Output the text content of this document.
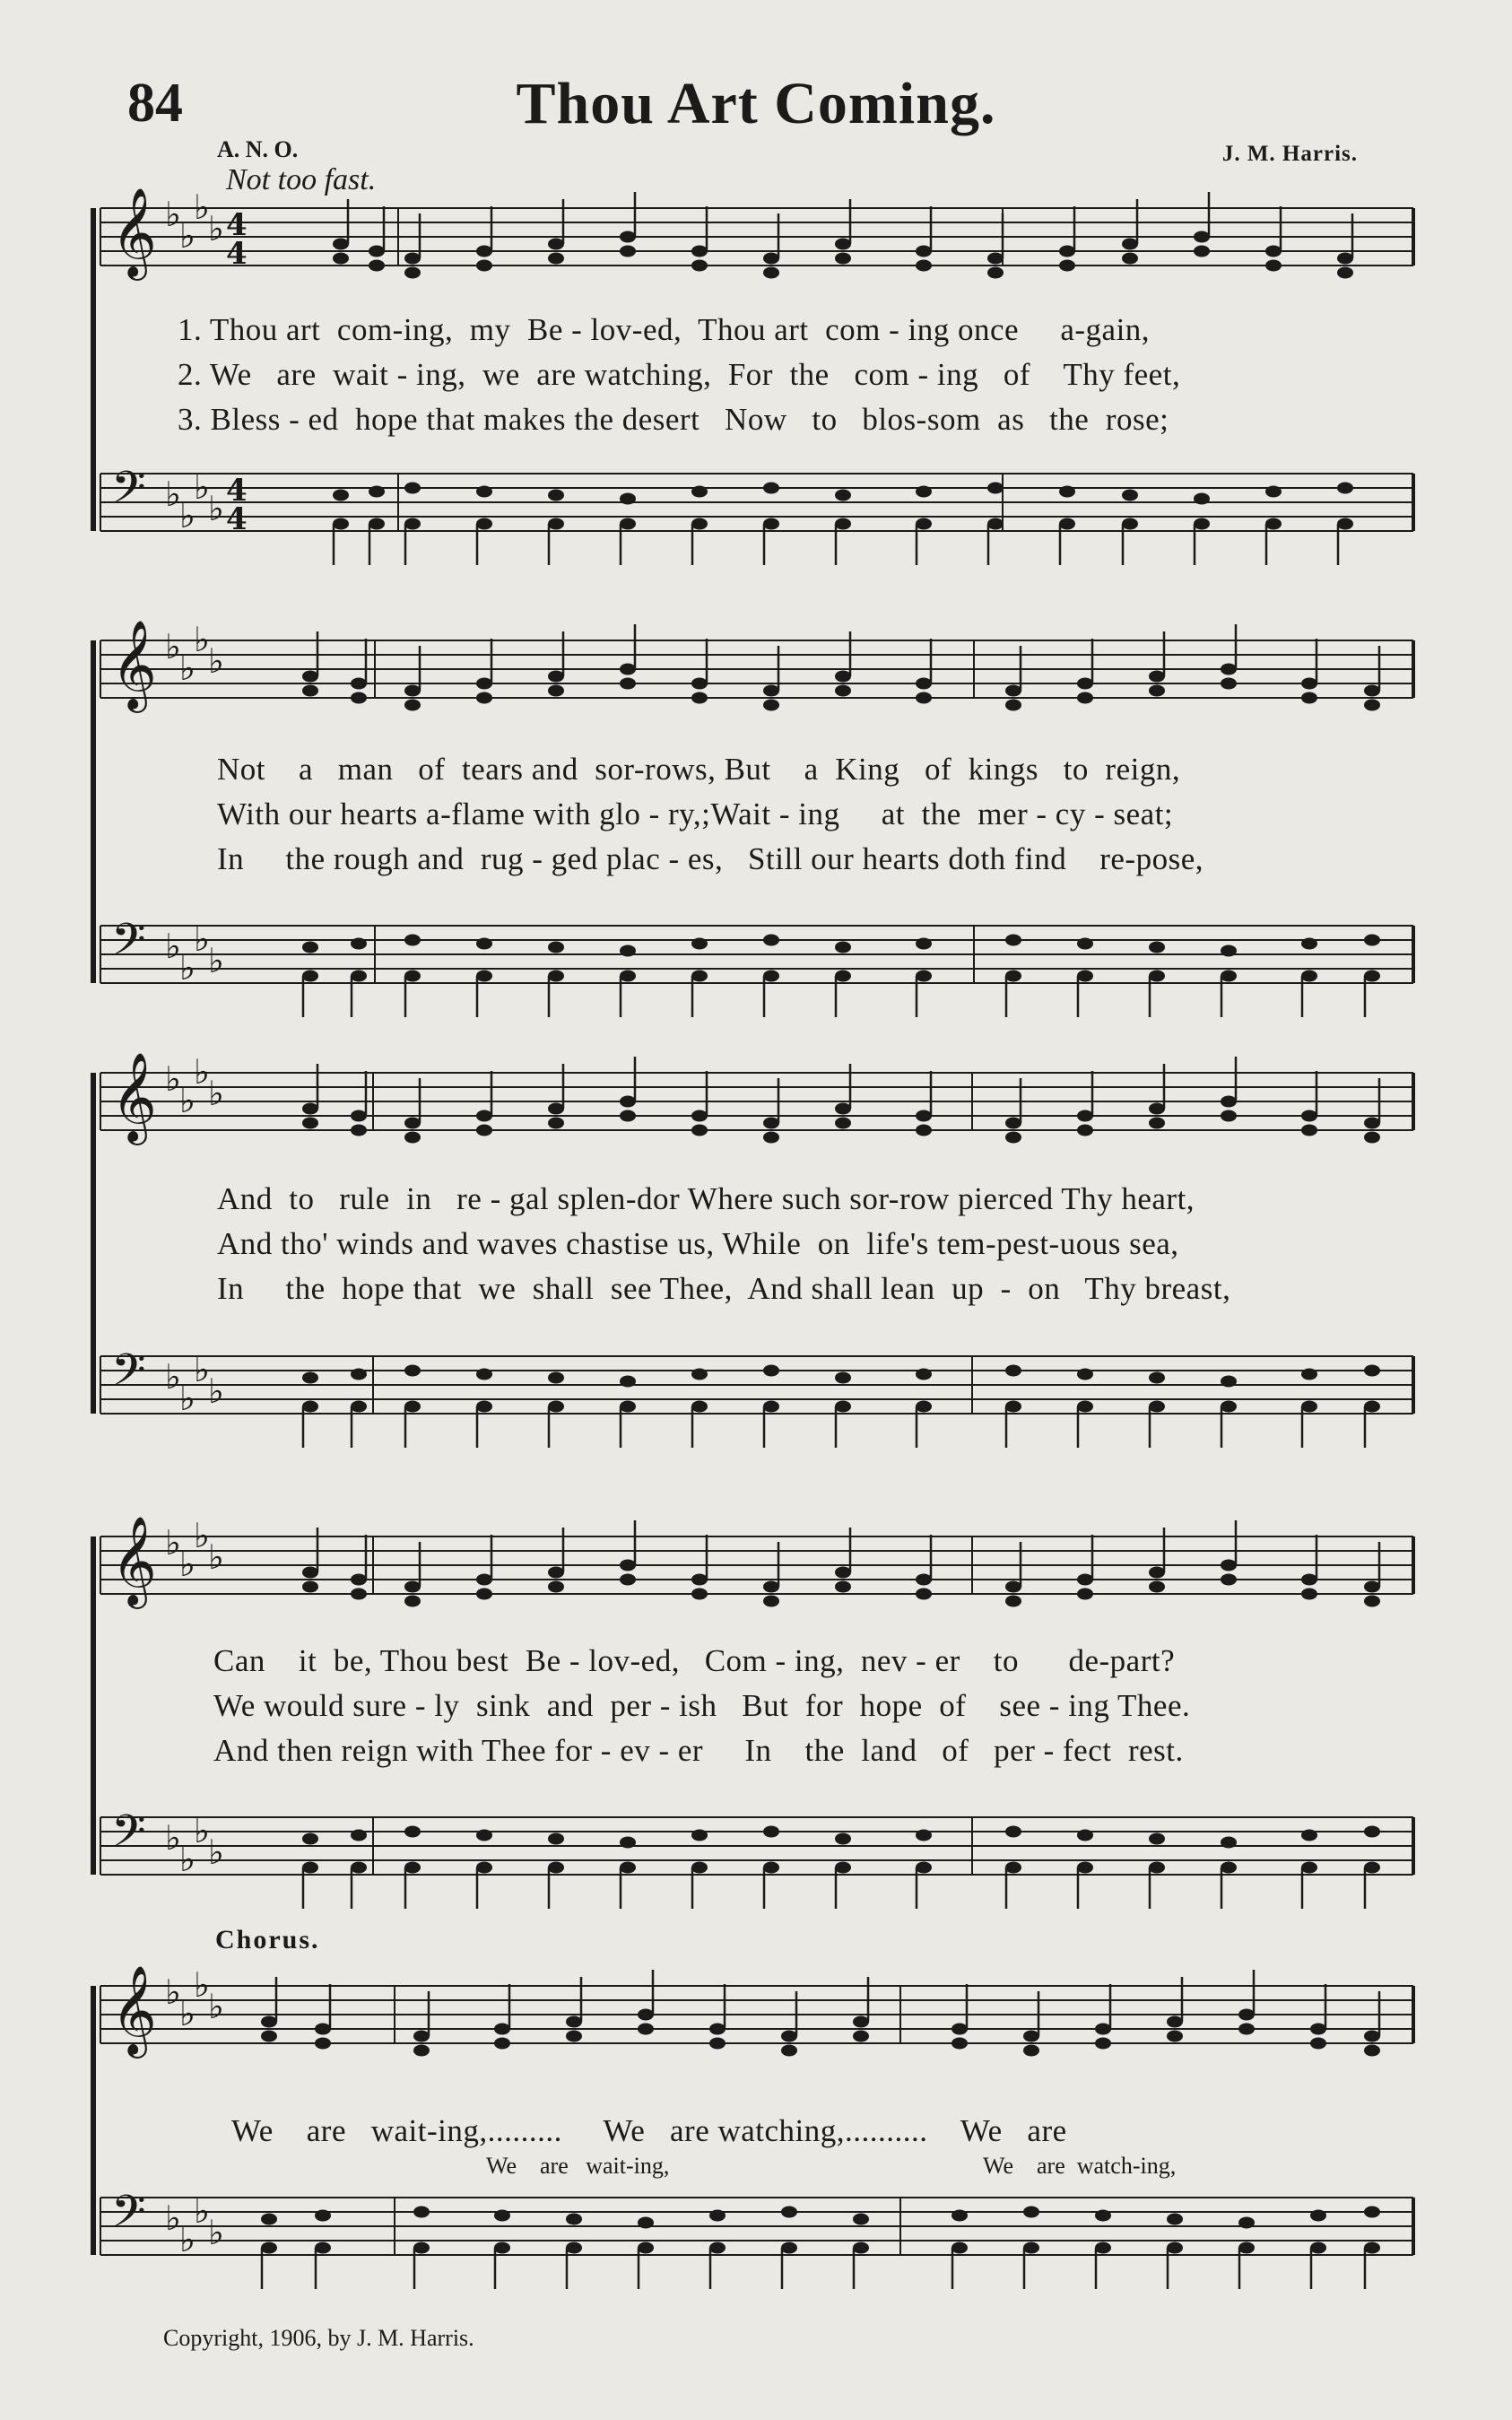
84	Thou Art Coming.
A. N. O.	J. M. Harris.
Not too fast.
𝄞 ♭
♭
♭
♭ 4
4
𝄢 ♭
♭
♭
♭ 4
4
𝄞 ♭
♭
♭
♭
𝄢 ♭
♭
♭
♭
𝄞 ♭
♭
♭
♭
𝄢 ♭
♭
♭
♭
𝄞 ♭
♭
♭
♭
𝄢 ♭
♭
♭
♭
𝄞 ♭
♭
♭
♭
𝄢 ♭
♭
♭
♭
1. Thou art  com-ing,  my  Be - lov-ed,  Thou art  com - ing once     a-gain,
2. We   are  wait - ing,  we  are watching,  For  the   com - ing   of    Thy feet,
3. Bless - ed  hope that makes the desert   Now   to   blos-som  as   the  rose;
Not    a   man   of  tears and  sor-rows, But    a  King   of  kings   to  reign,
With our hearts a-flame with glo - ry,;Wait - ing     at  the  mer - cy - seat;
In     the rough and  rug - ged plac - es,   Still our hearts doth find    re-pose,
And  to   rule  in   re - gal splen-dor Where such sor-row pierced Thy heart,
And tho' winds and waves chastise us, While  on  life's tem-pest-uous sea,
In     the  hope that  we  shall  see Thee,  And shall lean  up  -  on   Thy breast,
Can    it  be, Thou best  Be - lov-ed,   Com - ing,  nev - er    to      de-part?
We would sure - ly  sink  and  per - ish   But  for  hope  of    see - ing Thee.
And then reign with Thee for - ev - er     In    the  land   of   per - fect  rest.
Chorus.
We    are   wait-ing,.........     We   are watching,..........    We   are
We    are   wait-ing,	We    are  watch-ing,
Copyright, 1906, by J. M. Harris.
